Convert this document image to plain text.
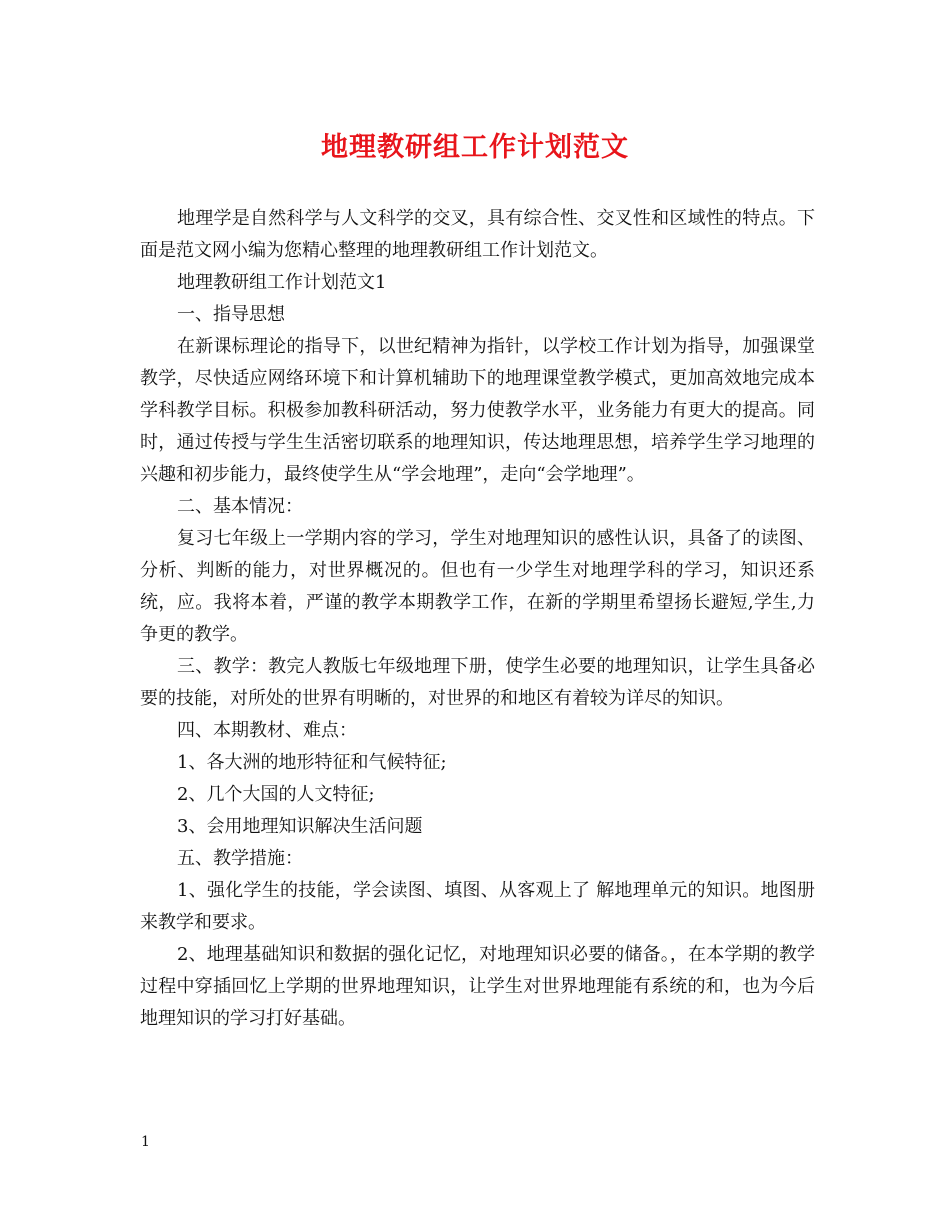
地理教研组工作计划范文

地理学是自然科学与人文科学的交叉，具有综合性、交叉性和区域性的特点。下面是范文网小编为您精心整理的地理教研组工作计划范文。

地理教研组工作计划范文1

一、指导思想

在新课标理论的指导下，以世纪精神为指针，以学校工作计划为指导，加强课堂教学，尽快适应网络环境下和计算机辅助下的地理课堂教学模式，更加高效地完成本学科教学目标。积极参加教科研活动，努力使教学水平，业务能力有更大的提高。同时，通过传授与学生生活密切联系的地理知识，传达地理思想，培养学生学习地理的兴趣和初步能力，最终使学生从“学会地理”，走向“会学地理”。

二、基本情况：

复习七年级上一学期内容的学习，学生对地理知识的感性认识，具备了的读图、分析、判断的能力，对世界概况的。但也有一少学生对地理学科的学习，知识还系统，应。我将本着，严谨的教学本期教学工作，在新的学期里希望扬长避短,学生,力争更的教学。

三、教学：教完人教版七年级地理下册，使学生必要的地理知识，让学生具备必要的技能，对所处的世界有明晰的，对世界的和地区有着较为详尽的知识。

四、本期教材、难点：

1、各大洲的地形特征和气候特征;

2、几个大国的人文特征;

3、会用地理知识解决生活问题

五、教学措施：

1、强化学生的技能，学会读图、填图、从客观上了 解地理单元的知识。地图册来教学和要求。

2、地理基础知识和数据的强化记忆，对地理知识必要的储备。，在本学期的教学过程中穿插回忆上学期的世界地理知识，让学生对世界地理能有系统的和，也为今后地理知识的学习打好基础。

1
